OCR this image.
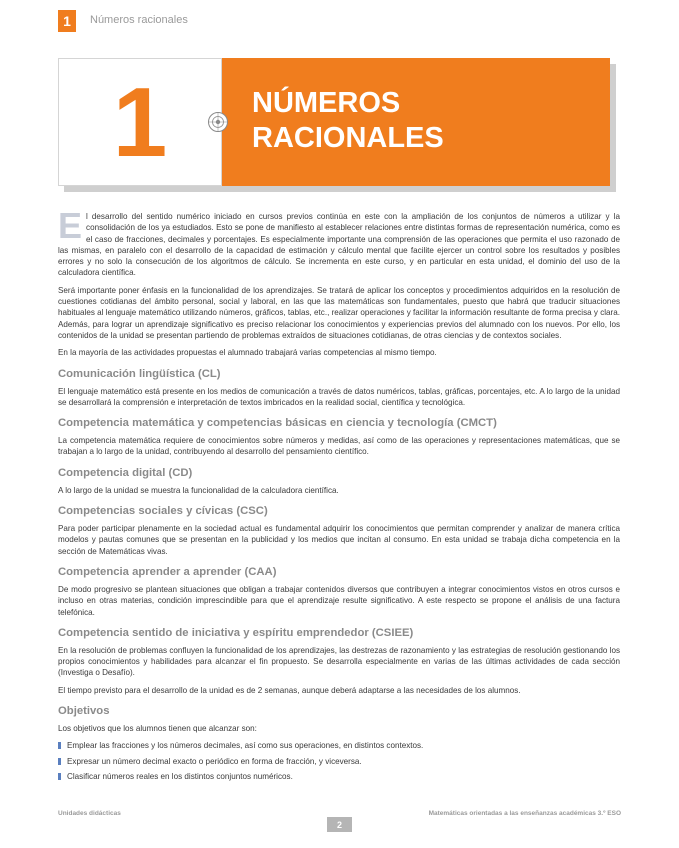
1	Números racionales
1	NÚMEROS
RACIONALES

El desarrollo del sentido numérico iniciado en cursos previos continúa en este con la ampliación de los conjuntos de números a utilizar y la consolidación de los ya estudiados. Esto se pone de manifiesto al establecer relaciones entre distintas formas de representación numérica, como es el caso de fracciones, decimales y porcentajes. Es especialmente importante una comprensión de las operaciones que permita el uso razonado de las mismas, en paralelo con el desarrollo de la capacidad de estimación y cálculo mental que facilite ejercer un control sobre los resultados y posibles errores y no solo la consecución de los algoritmos de cálculo. Se incrementa en este curso, y en particular en esta unidad, el dominio del uso de la calculadora científica.

Será importante poner énfasis en la funcionalidad de los aprendizajes. Se tratará de aplicar los conceptos y procedimientos adquiridos en la resolución de cuestiones cotidianas del ámbito personal, social y laboral, en las que las matemáticas son fundamentales, puesto que habrá que traducir situaciones habituales al lenguaje matemático utilizando números, gráficos, tablas, etc., realizar operaciones y facilitar la información resultante de forma precisa y clara. Además, para lograr un aprendizaje significativo es preciso relacionar los conocimientos y experiencias previos del alumnado con los nuevos. Por ello, los contenidos de la unidad se presentan partiendo de problemas extraídos de situaciones cotidianas, de otras ciencias y de contextos sociales.

En la mayoría de las actividades propuestas el alumnado trabajará varias competencias al mismo tiempo.

Comunicación lingüística (CL)

El lenguaje matemático está presente en los medios de comunicación a través de datos numéricos, tablas, gráficas, porcentajes, etc. A lo largo de la unidad se desarrollará la comprensión e interpretación de textos imbricados en la realidad social, científica y tecnológica.

Competencia matemática y competencias básicas en ciencia y tecnología (CMCT)

La competencia matemática requiere de conocimientos sobre números y medidas, así como de las operaciones y representaciones matemáticas, que se trabajan a lo largo de la unidad, contribuyendo al desarrollo del pensamiento científico.

Competencia digital (CD)

A lo largo de la unidad se muestra la funcionalidad de la calculadora científica.

Competencias sociales y cívicas (CSC)

Para poder participar plenamente en la sociedad actual es fundamental adquirir los conocimientos que permitan comprender y analizar de manera crítica modelos y pautas comunes que se presentan en la publicidad y los medios que incitan al consumo. En esta unidad se trabaja dicha competencia en la sección de Matemáticas vivas.

Competencia aprender a aprender (CAA)

De modo progresivo se plantean situaciones que obligan a trabajar contenidos diversos que contribuyen a integrar conocimientos vistos en otros cursos e incluso en otras materias, condición imprescindible para que el aprendizaje resulte significativo. A este respecto se propone el análisis de una factura telefónica.

Competencia sentido de iniciativa y espíritu emprendedor (CSIEE)

En la resolución de problemas confluyen la funcionalidad de los aprendizajes, las destrezas de razonamiento y las estrategias de resolución gestionando los propios conocimientos y habilidades para alcanzar el fin propuesto. Se desarrolla especialmente en varias de las últimas actividades de cada sección (Investiga o Desafío).

El tiempo previsto para el desarrollo de la unidad es de 2 semanas, aunque deberá adaptarse a las necesidades de los alumnos.

Objetivos

Los objetivos que los alumnos tienen que alcanzar son:

Emplear las fracciones y los números decimales, así como sus operaciones, en distintos contextos.
Expresar un número decimal exacto o periódico en forma de fracción, y viceversa.
Clasificar números reales en los distintos conjuntos numéricos.
Unidades didácticas	Matemáticas orientadas a las enseñanzas académicas 3.º ESO
2
